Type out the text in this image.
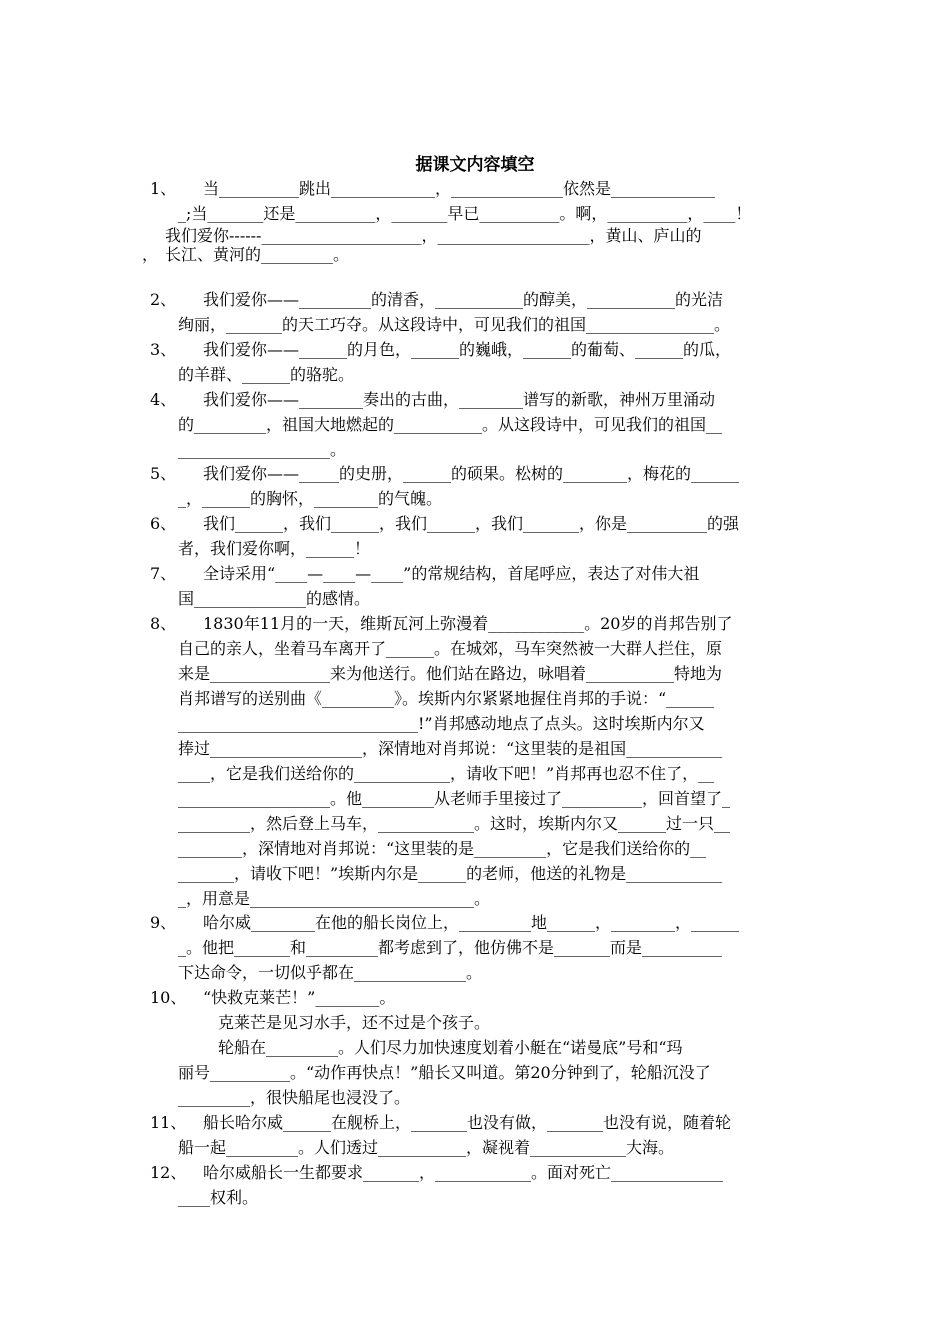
据课文内容填空
1、 当__________跳出_____________，______________依然是_____________
_;当_______还是__________，_______早已__________。啊，__________，____！
我们爱你------____________________，___________________，黄山、庐山的
长江、黄河的_________。
，
2、 我们爱你——_________的清香，___________的醇美，___________的光洁
绚丽，_______的天工巧夺。从这段诗中，可见我们的祖国________________。
3、 我们爱你——______的月色，______的巍峨，______的葡萄、______的瓜，
的羊群、______的骆驼。
4、 我们爱你——________奏出的古曲，________谱写的新歌，神州万里涌动
的_________，祖国大地燃起的___________。从这段诗中，可见我们的祖国__
___________________。
5、 我们爱你——_____的史册，______的硕果。松树的________，梅花的______
_，______的胸怀，________的气魄。
6、 我们______，我们______，我们______，我们_______，你是__________的强
者，我们爱你啊，______！
7、 全诗采用“____—____—____”的常规结构，首尾呼应，表达了对伟大祖
国______________的感情。
8、 1830年11月的一天，维斯瓦河上弥漫着____________。20岁的肖邦告别了
自己的亲人，坐着马车离开了______。在城郊，马车突然被一大群人拦住，原
来是_______________来为他送行。他们站在路边，咏唱着___________特地为
肖邦谱写的送别曲《_________》。埃斯内尔紧紧地握住肖邦的手说：“______
______________________________!”肖邦感动地点了点头。这时埃斯内尔又
捧过___________________，深情地对肖邦说：“这里装的是祖国____________
____，它是我们送给你的____________，请收下吧！”肖邦再也忍不住了，__
___________________。他_________从老师手里接过了__________，回首望了_
_________，然后登上马车，____________。这时，埃斯内尔又______过一只__
________，深情地对肖邦说：“这里装的是_________，它是我们送给你的__
_______，请收下吧！”埃斯内尔是______的老师，他送的礼物是____________
_，用意是____________________________。
9、 哈尔威________在他的船长岗位上，_________地______，________，______
_。他把_______和_________都考虑到了，他仿佛不是_______而是__________
下达命令，一切似乎都在______________。
10、 “快救克莱芒！”________。
克莱芒是见习水手，还不过是个孩子。
轮船在_________。人们尽力加快速度划着小艇在“诺曼底”号和“玛
丽号__________。“动作再快点！”船长又叫道。第20分钟到了，轮船沉没了
_________，很快船尾也浸没了。
11、 船长哈尔威______在舰桥上，_______也没有做，_______也没有说，随着轮
船一起_________。人们透过___________，凝视着____________大海。
12、 哈尔威船长一生都要求_______，____________。面对死亡______________
____权利。
